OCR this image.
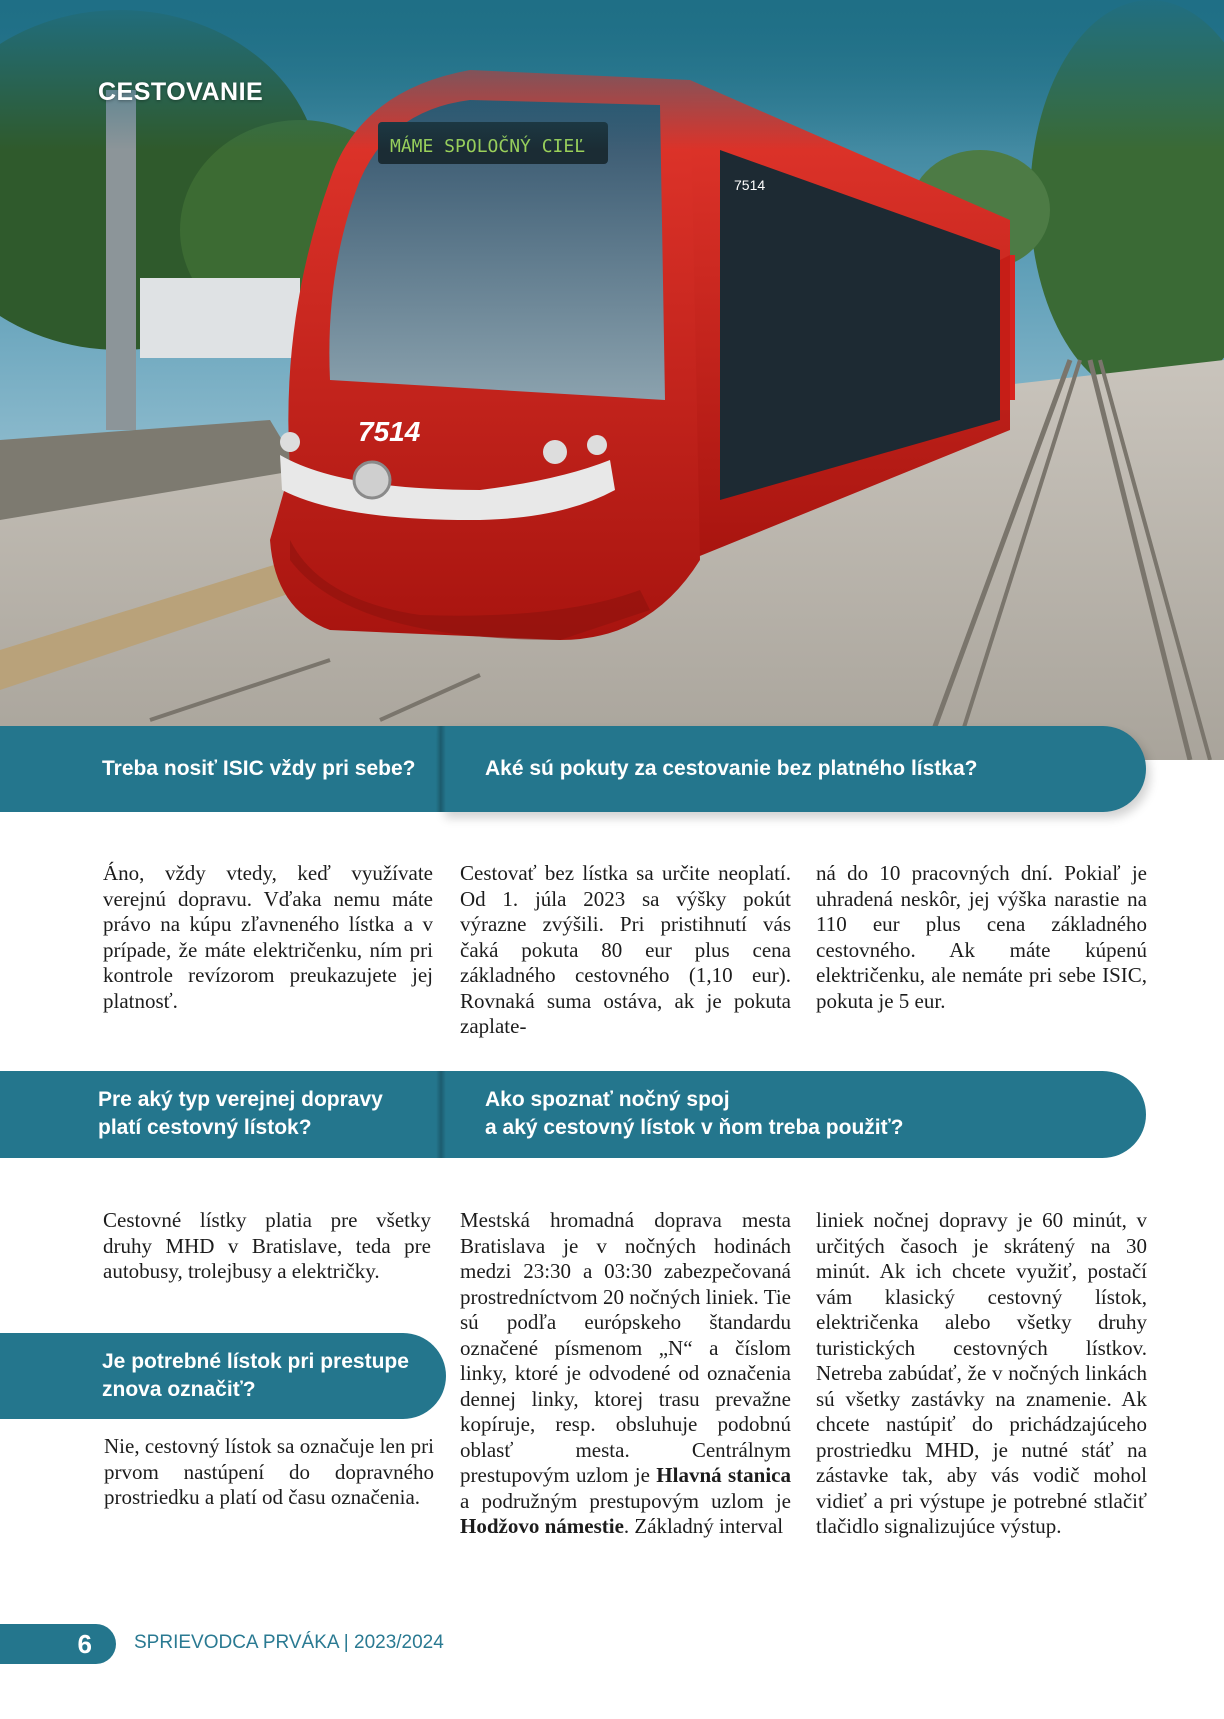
7514
7514
CESTOVANIE
Treba nosiť ISIC vždy pri sebe?	Aké sú pokuty za cestovanie bez platného lístka?
Áno, vždy vtedy, keď využívate verejnú dopravu. Vďaka nemu máte právo na kúpu zľavneného lístka a v prípade, že máte električenku, ním pri kontrole revízorom preukazujete jej platnosť.
Cestovať bez lístka sa určite neoplatí. Od 1. júla 2023 sa výšky pokút výrazne zvýšili. Pri pristihnutí vás čaká pokuta 80 eur plus cena základného cestovného (1,10 eur). Rovnaká suma ostáva, ak je pokuta zaplate-
ná do 10 pracovných dní. Pokiaľ je uhradená neskôr, jej výška narastie na 110 eur plus cena základného cestovného. Ak máte kúpenú električenku, ale nemáte pri sebe ISIC, pokuta je 5 eur.
Pre aký typ verejnej dopravy
platí cestovný lístok?
Ako spoznať nočný spoj
a aký cestovný lístok v ňom treba použiť?
Cestovné lístky platia pre všetky druhy MHD v Bratislave, teda pre autobusy, trolejbusy a električky.
Mestská hromadná doprava mesta Bratislava je v nočných hodinách medzi 23:30 a 03:30 zabezpečovaná prostredníctvom 20 nočných liniek. Tie sú podľa európskeho štandardu označené písmenom „N“ a číslom linky, ktoré je odvodené od označenia dennej linky, ktorej trasu prevažne kopíruje, resp. obsluhuje podobnú oblasť mesta. Centrálnym prestupovým uzlom je Hlavná stanica a podružným prestupovým uzlom je Hodžovo námestie. Základný interval
liniek nočnej dopravy je 60 minút, v určitých časoch je skrátený na 30 minút. Ak ich chcete využiť, postačí vám klasický cestovný lístok, električenka alebo všetky druhy turistických cestovných lístkov. Netreba zabúdať, že v nočných linkách sú všetky zastávky na znamenie. Ak chcete nastúpiť do prichádzajúceho prostriedku MHD, je nutné stáť na zástavke tak, aby vás vodič mohol vidieť a pri výstupe je potrebné stlačiť tlačidlo signalizujúce výstup.
Je potrebné lístok pri prestupe
znova označiť?
Nie, cestovný lístok sa označuje len pri prvom nastúpení do dopravného prostriedku a platí od času označenia.
6	SPRIEVODCA PRVÁKA | 2023/2024
